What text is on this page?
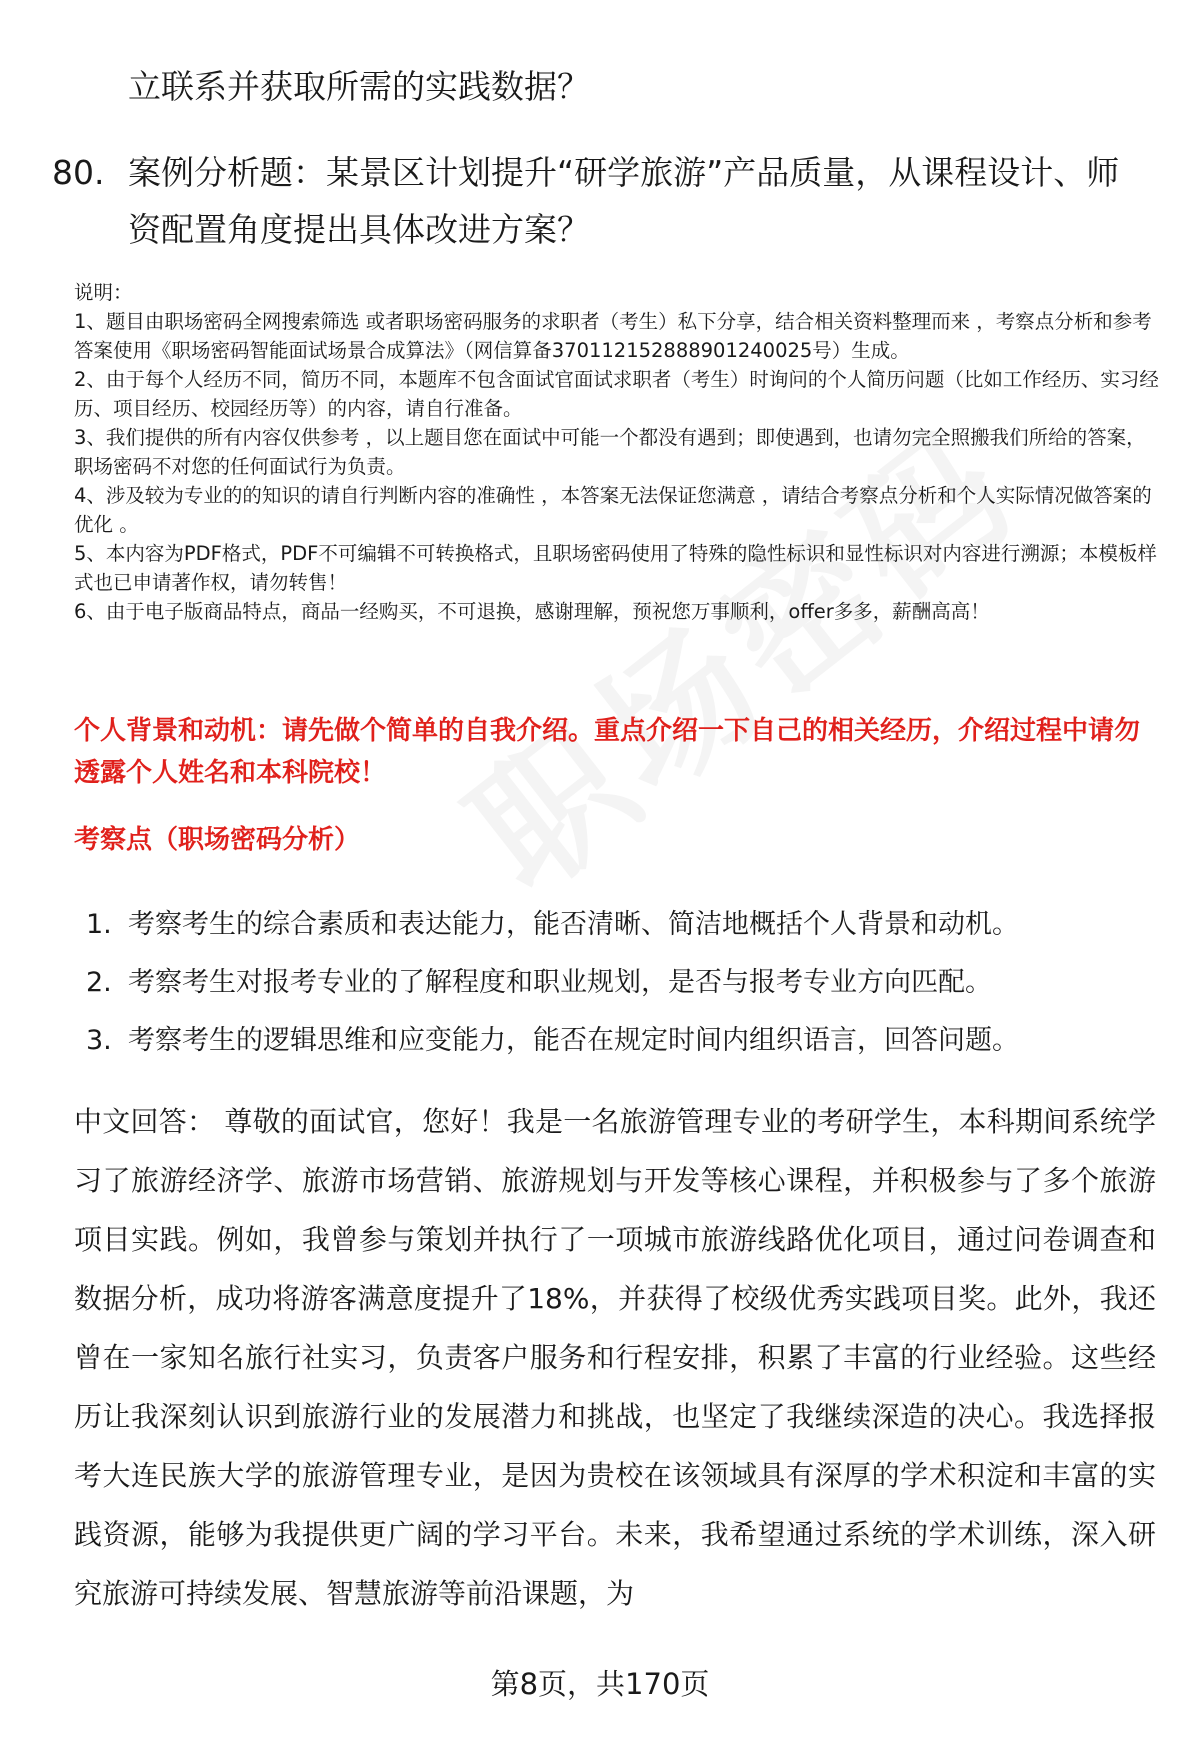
立联系并获取所需的实践数据？
80. 案例分析题：某景区计划提升“研学旅游”产品质量，从课程设计、师资配置角度提出具体改进方案？
说明：
1、题目由职场密码全网搜索筛选 或者职场密码服务的求职者（考生）私下分享，结合相关资料整理而来 ，考察点分析和参考答案使用《职场密码智能面试场景合成算法》（网信算备370112152888901240025号）生成。
2、由于每个人经历不同，简历不同，本题库不包含面试官面试求职者（考生）时询问的个人简历问题（比如工作经历、实习经历、项目经历、校园经历等）的内容，请自行准备。
3、我们提供的所有内容仅供参考 ，以上题目您在面试中可能一个都没有遇到；即使遇到，也请勿完全照搬我们所给的答案，职场密码不对您的任何面试行为负责。
4、涉及较为专业的的知识的请自行判断内容的准确性 ，本答案无法保证您满意 ，请结合考察点分析和个人实际情况做答案的优化 。
5、本内容为PDF格式，PDF不可编辑不可转换格式，且职场密码使用了特殊的隐性标识和显性标识对内容进行溯源；本模板样式也已申请著作权，请勿转售！
6、由于电子版商品特点，商品一经购买，不可退换，感谢理解，预祝您万事顺利，offer多多，薪酬高高！
个人背景和动机：请先做个简单的自我介绍。重点介绍一下自己的相关经历，介绍过程中请勿透露个人姓名和本科院校！
考察点（职场密码分析）
1. 考察考生的综合素质和表达能力，能否清晰、简洁地概括个人背景和动机。
2. 考察考生对报考专业的了解程度和职业规划，是否与报考专业方向匹配。
3. 考察考生的逻辑思维和应变能力，能否在规定时间内组织语言，回答问题。
中文回答： 尊敬的面试官，您好！我是一名旅游管理专业的考研学生，本科期间系统学习了旅游经济学、旅游市场营销、旅游规划与开发等核心课程，并积极参与了多个旅游项目实践。例如，我曾参与策划并执行了一项城市旅游线路优化项目，通过问卷调查和数据分析，成功将游客满意度提升了18%，并获得了校级优秀实践项目奖。此外，我还曾在一家知名旅行社实习，负责客户服务和行程安排，积累了丰富的行业经验。这些经历让我深刻认识到旅游行业的发展潜力和挑战，也坚定了我继续深造的决心。我选择报考大连民族大学的旅游管理专业，是因为贵校在该领域具有深厚的学术积淀和丰富的实践资源，能够为我提供更广阔的学习平台。未来，我希望通过系统的学术训练，深入研究旅游可持续发展、智慧旅游等前沿课题，为
第8页，共170页
